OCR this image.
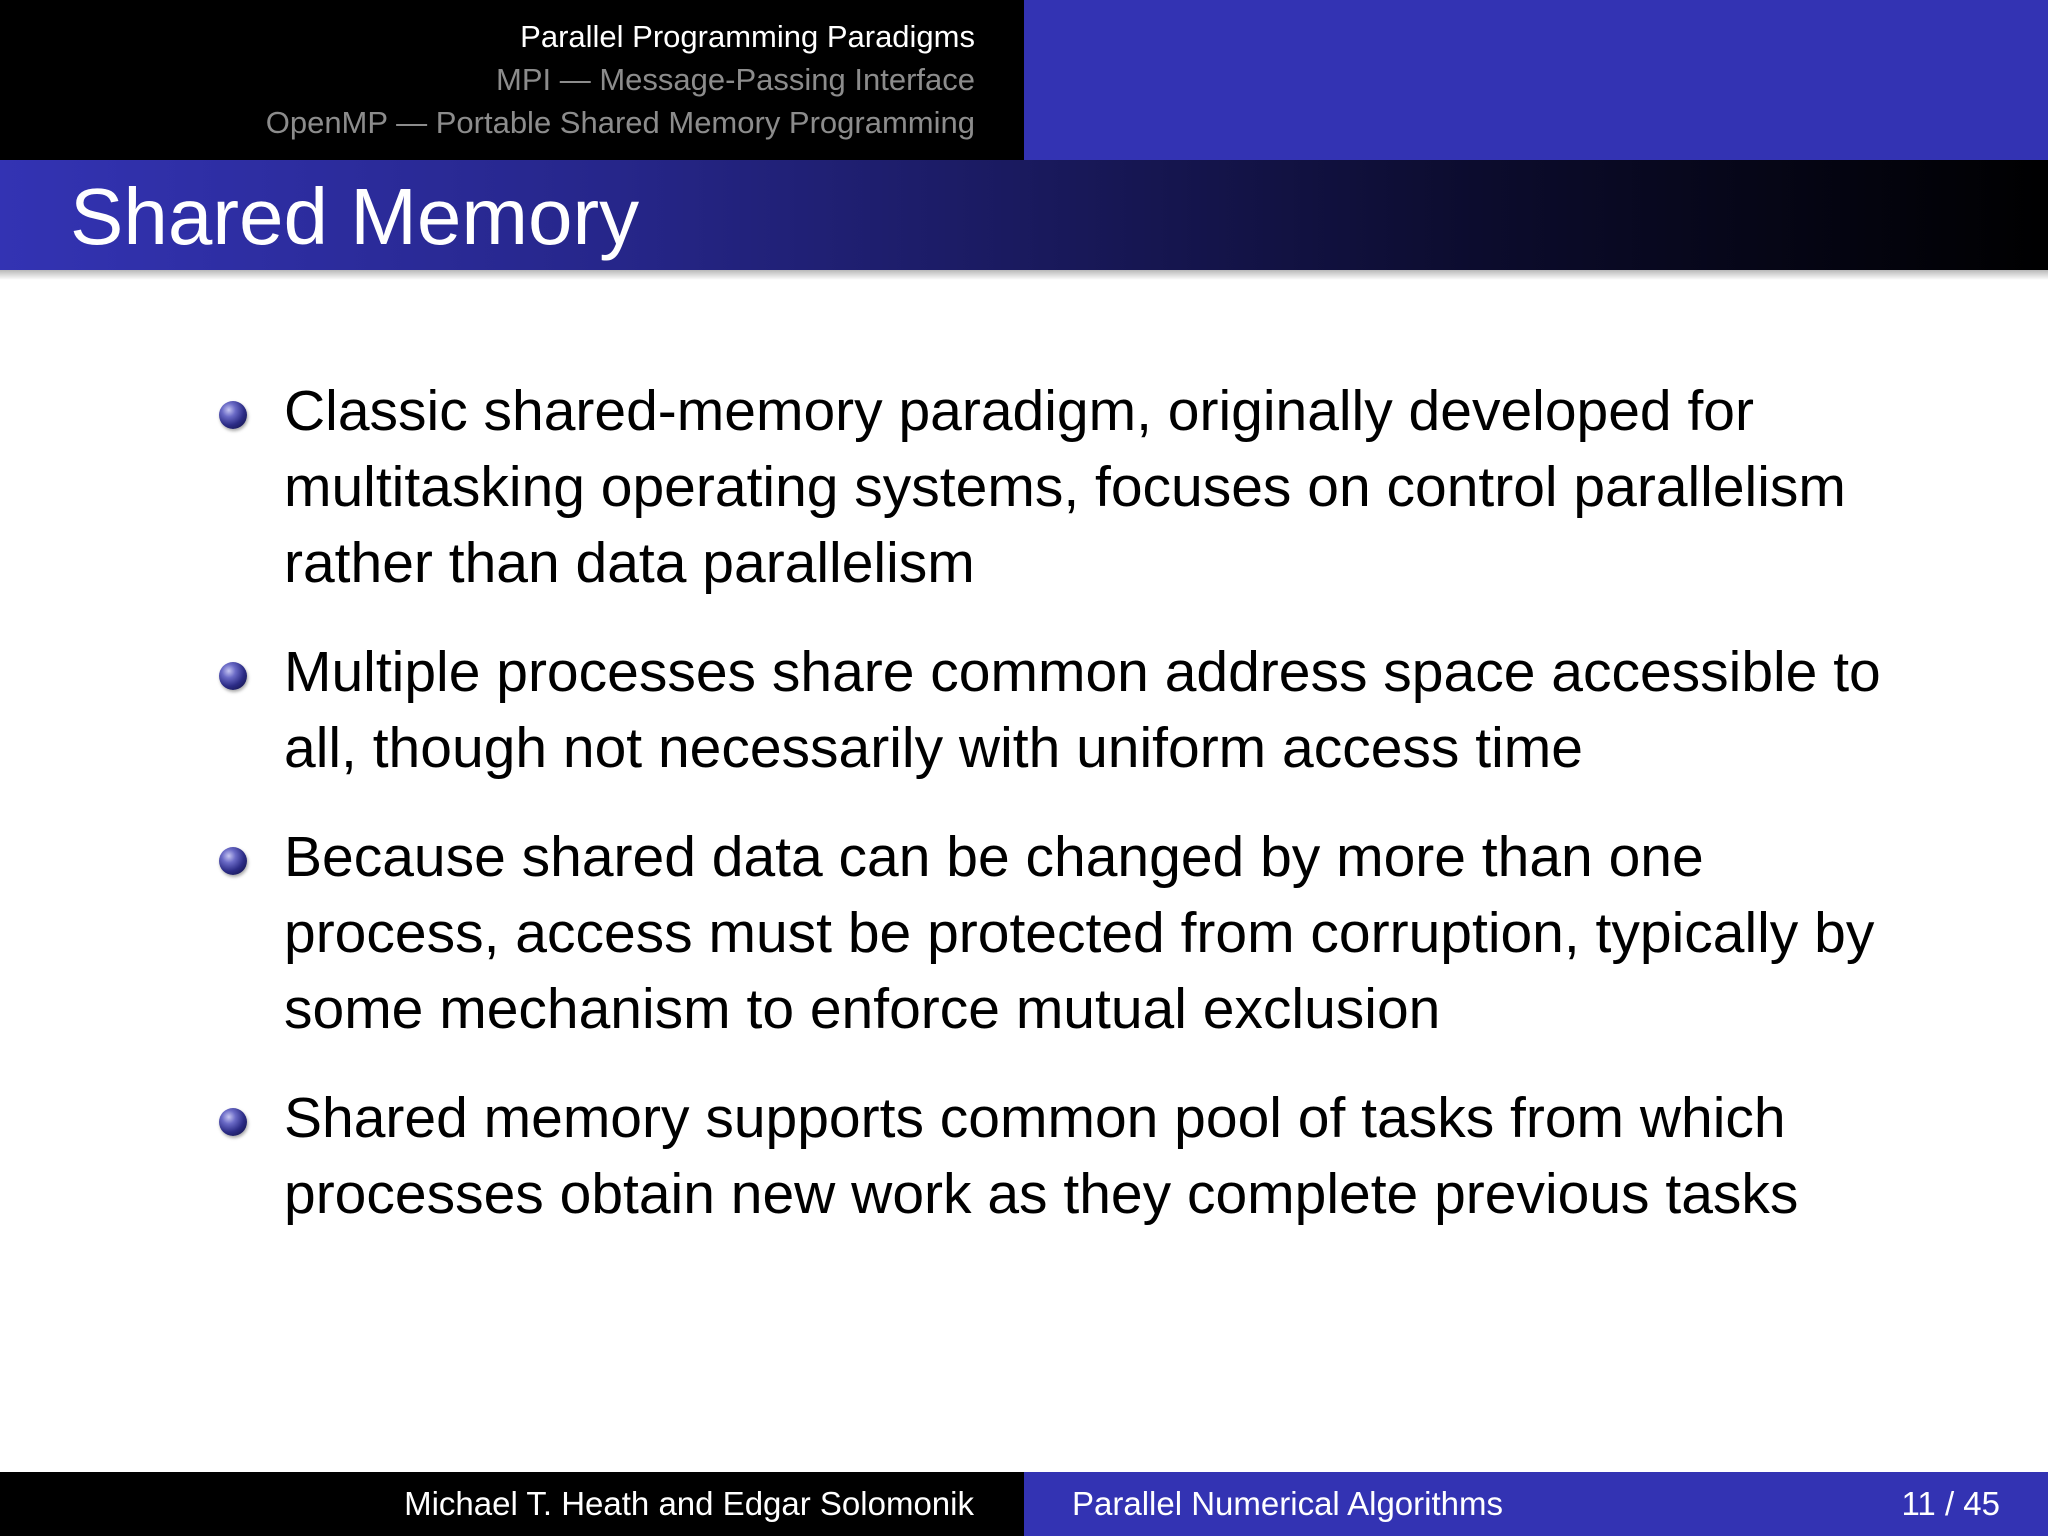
Parallel Programming Paradigms
MPI — Message-Passing Interface
OpenMP — Portable Shared Memory Programming
Shared Memory
Classic shared-memory paradigm, originally developed for multitasking operating systems, focuses on control parallelism rather than data parallelism
Multiple processes share common address space accessible to all, though not necessarily with uniform access time
Because shared data can be changed by more than one process, access must be protected from corruption, typically by some mechanism to enforce mutual exclusion
Shared memory supports common pool of tasks from which processes obtain new work as they complete previous tasks
Michael T. Heath and Edgar Solomonik	Parallel Numerical Algorithms	11 / 45
